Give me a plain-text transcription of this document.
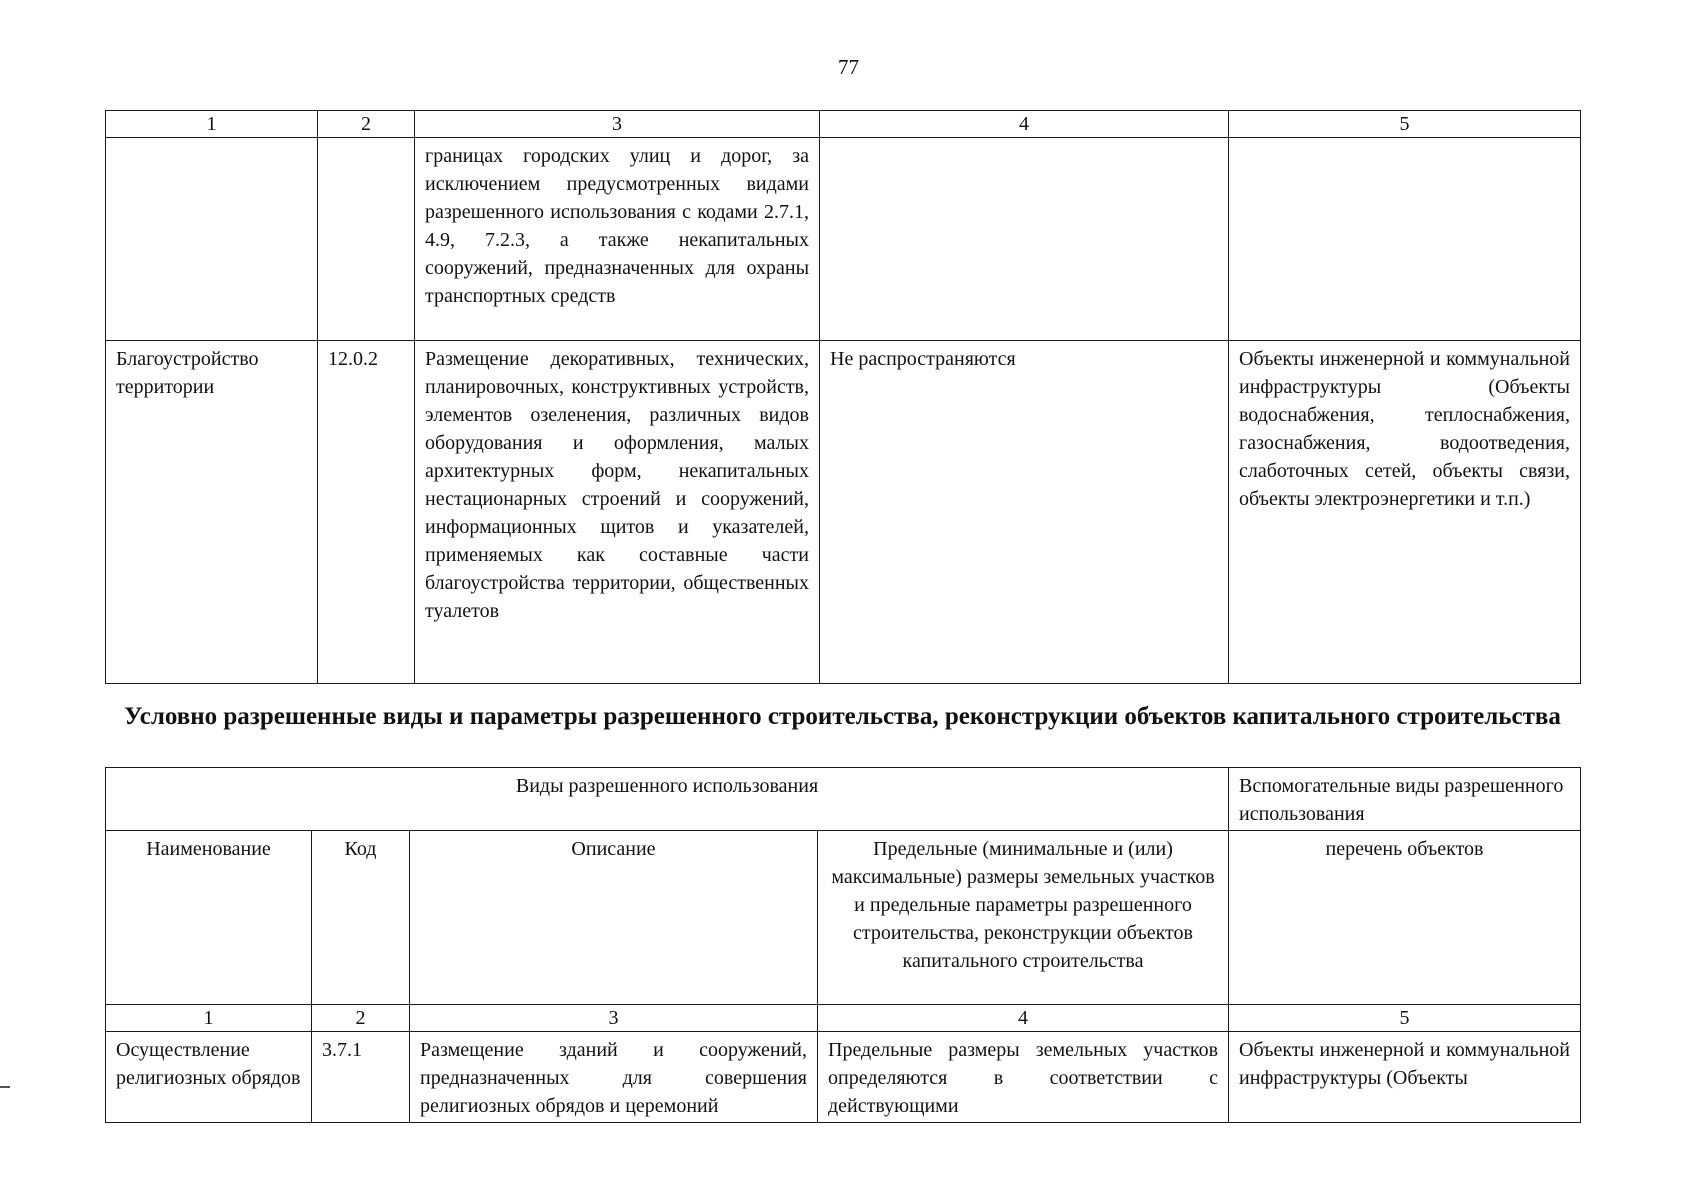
77
1	2	3	4	5
		границах городских улиц и дорог, за исключением предусмотренных видами разрешенного использования с кодами 2.7.1, 4.9, 7.2.3, а также некапитальных сооружений, предназначенных для охраны транспортных средств		
Благоустройство территории	12.0.2	Размещение декоративных, технических, планировочных, конструктивных устройств, элементов озеленения, различных видов оборудования и оформления, малых архитектурных форм, некапитальных нестационарных строений и сооружений, информационных щитов и указателей, применяемых как составные части благоустройства территории, общественных туалетов	Не распространяются	Объекты инженерной и коммунальной инфраструктуры (Объекты водоснабжения, теплоснабжения, газоснабжения, водоотведения, слаботочных сетей, объекты связи, объекты электроэнергетики и т.п.)
Условно разрешенные виды и параметры разрешенного строительства, реконструкции объектов капитального строительства
Виды разрешенного использования				Вспомогательные виды разрешенного использования
Наименование	Код	Описание	Предельные (минимальные и (или) максимальные) размеры земельных участков и предельные параметры разрешенного строительства, реконструкции объектов капитального строительства	перечень объектов
1	2	3	4	5
Осуществление религиозных обрядов	3.7.1	Размещение зданий и сооружений, предназначенных для совершения религиозных обрядов и церемоний	Предельные размеры земельных участков определяются в соответствии с действующими	Объекты инженерной и коммунальной инфраструктуры (Объекты
